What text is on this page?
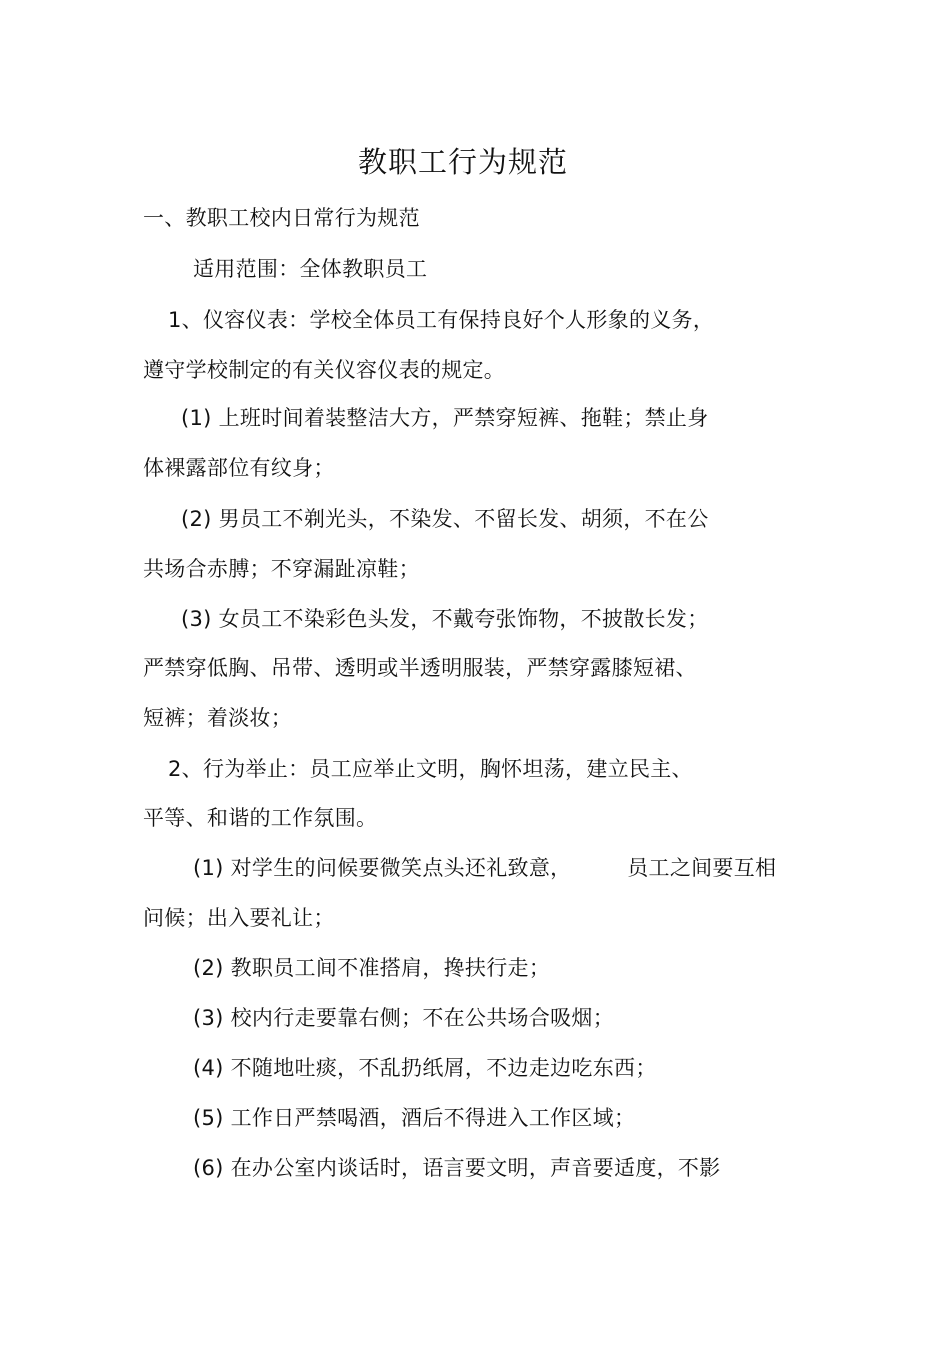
教职工行为规范
一、教职工校内日常行为规范
适用范围：全体教职员工
1、仪容仪表：学校全体员工有保持良好个人形象的义务，
遵守学校制定的有关仪容仪表的规定。
(1) 上班时间着装整洁大方，严禁穿短裤、拖鞋；禁止身
体裸露部位有纹身；
(2) 男员工不剃光头，不染发、不留长发、胡须，不在公
共场合赤膊；不穿漏趾凉鞋；
(3) 女员工不染彩色头发，不戴夸张饰物，不披散长发；
严禁穿低胸、吊带、透明或半透明服装，严禁穿露膝短裙、
短裤；着淡妆；
2、行为举止：员工应举止文明，胸怀坦荡，建立民主、
平等、和谐的工作氛围。
(1) 对学生的问候要微笑点头还礼致意，        员工之间要互相
问候；出入要礼让；
(2) 教职员工间不准搭肩，搀扶行走；
(3) 校内行走要靠右侧；不在公共场合吸烟；
(4) 不随地吐痰，不乱扔纸屑，不边走边吃东西；
(5) 工作日严禁喝酒，酒后不得进入工作区域；
(6) 在办公室内谈话时，语言要文明，声音要适度，不影
